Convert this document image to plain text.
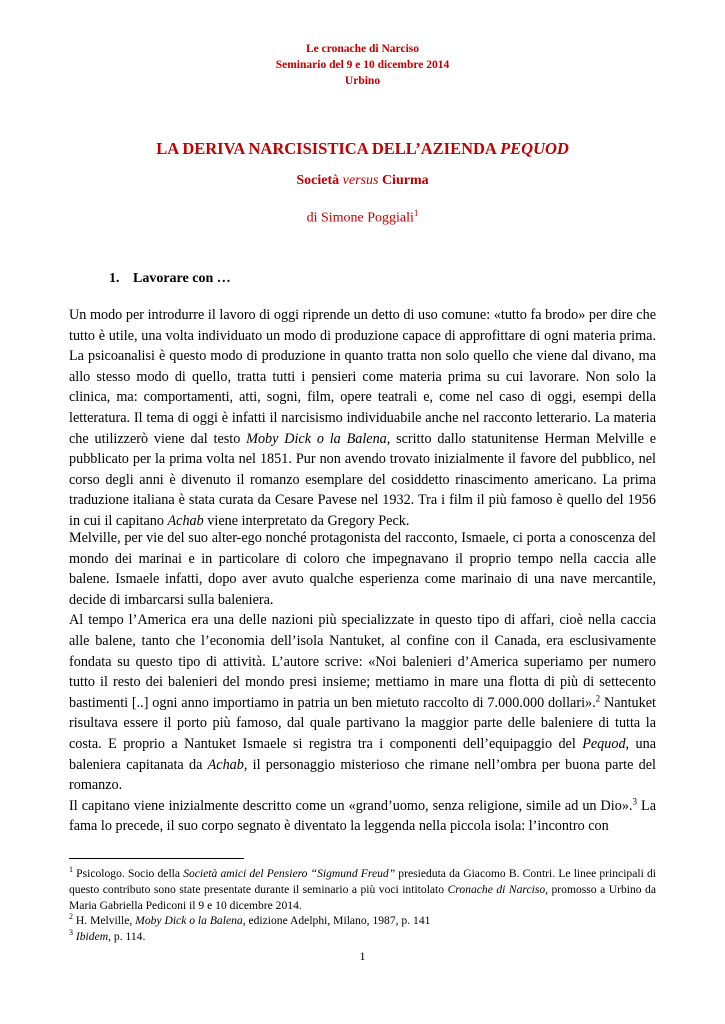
Le cronache di Narciso
Seminario del 9 e 10 dicembre 2014
Urbino
LA DERIVA NARCISISTICA DELL’AZIENDA PEQUOD
Società versus Ciurma
di Simone Poggiali$^1$
1. Lavorare con …

Un modo per introdurre il lavoro di oggi riprende un detto di uso comune: «tutto fa brodo» per dire che tutto è utile, una volta individuato un modo di produzione capace di approfittare di ogni materia prima. La psicoanalisi è questo modo di produzione in quanto tratta non solo quello che viene dal divano, ma allo stesso modo di quello, tratta tutti i pensieri come materia prima su cui lavorare. Non solo la clinica, ma: comportamenti, atti, sogni, film, opere teatrali e, come nel caso di oggi, esempi della letteratura. Il tema di oggi è infatti il narcisismo individuabile anche nel racconto letterario. La materia che utilizzerò viene dal testo Moby Dick o la Balena, scritto dallo statunitense Herman Melville e pubblicato per la prima volta nel 1851. Pur non avendo trovato inizialmente il favore del pubblico, nel corso degli anni è divenuto il romanzo esemplare del cosiddetto rinascimento americano. La prima traduzione italiana è stata curata da Cesare Pavese nel 1932. Tra i film il più famoso è quello del 1956 in cui il capitano Achab viene interpretato da Gregory Peck.

Melville, per vie del suo alter-ego nonché protagonista del racconto, Ismaele, ci porta a conoscenza del mondo dei marinai e in particolare di coloro che impegnavano il proprio tempo nella caccia alle balene. Ismaele infatti, dopo aver avuto qualche esperienza come marinaio di una nave mercantile, decide di imbarcarsi sulla baleniera.

Al tempo l’America era una delle nazioni più specializzate in questo tipo di affari, cioè nella caccia alle balene, tanto che l’economia dell’isola Nantuket, al confine con il Canada, era esclusivamente fondata su questo tipo di attività. L’autore scrive: «Noi balenieri d’America superiamo per numero tutto il resto dei balenieri del mondo presi insieme; mettiamo in mare una flotta di più di settecento bastimenti [..] ogni anno importiamo in patria un ben mietuto raccolto di 7.000.000 dollari».$^2$ Nantuket risultava essere il porto più famoso, dal quale partivano la maggior parte delle baleniere di tutta la costa. E proprio a Nantuket Ismaele si registra tra i componenti dell’equipaggio del Pequod, una baleniera capitanata da Achab, il personaggio misterioso che rimane nell’ombra per buona parte del romanzo.

Il capitano viene inizialmente descritto come un «grand’uomo, senza religione, simile ad un Dio».$^3$ La fama lo precede, il suo corpo segnato è diventato la leggenda nella piccola isola: l’incontro con

$^1$ Psicologo. Socio della Società amici del Pensiero “Sigmund Freud” presieduta da Giacomo B. Contri. Le linee principali di questo contributo sono state presentate durante il seminario a più voci intitolato Cronache di Narciso, promosso a Urbino da Maria Gabriella Pediconi il 9 e 10 dicembre 2014.
$^2$ H. Melville, Moby Dick o la Balena, edizione Adelphi, Milano, 1987, p. 141
$^3$ Ibidem, p. 114.
1
